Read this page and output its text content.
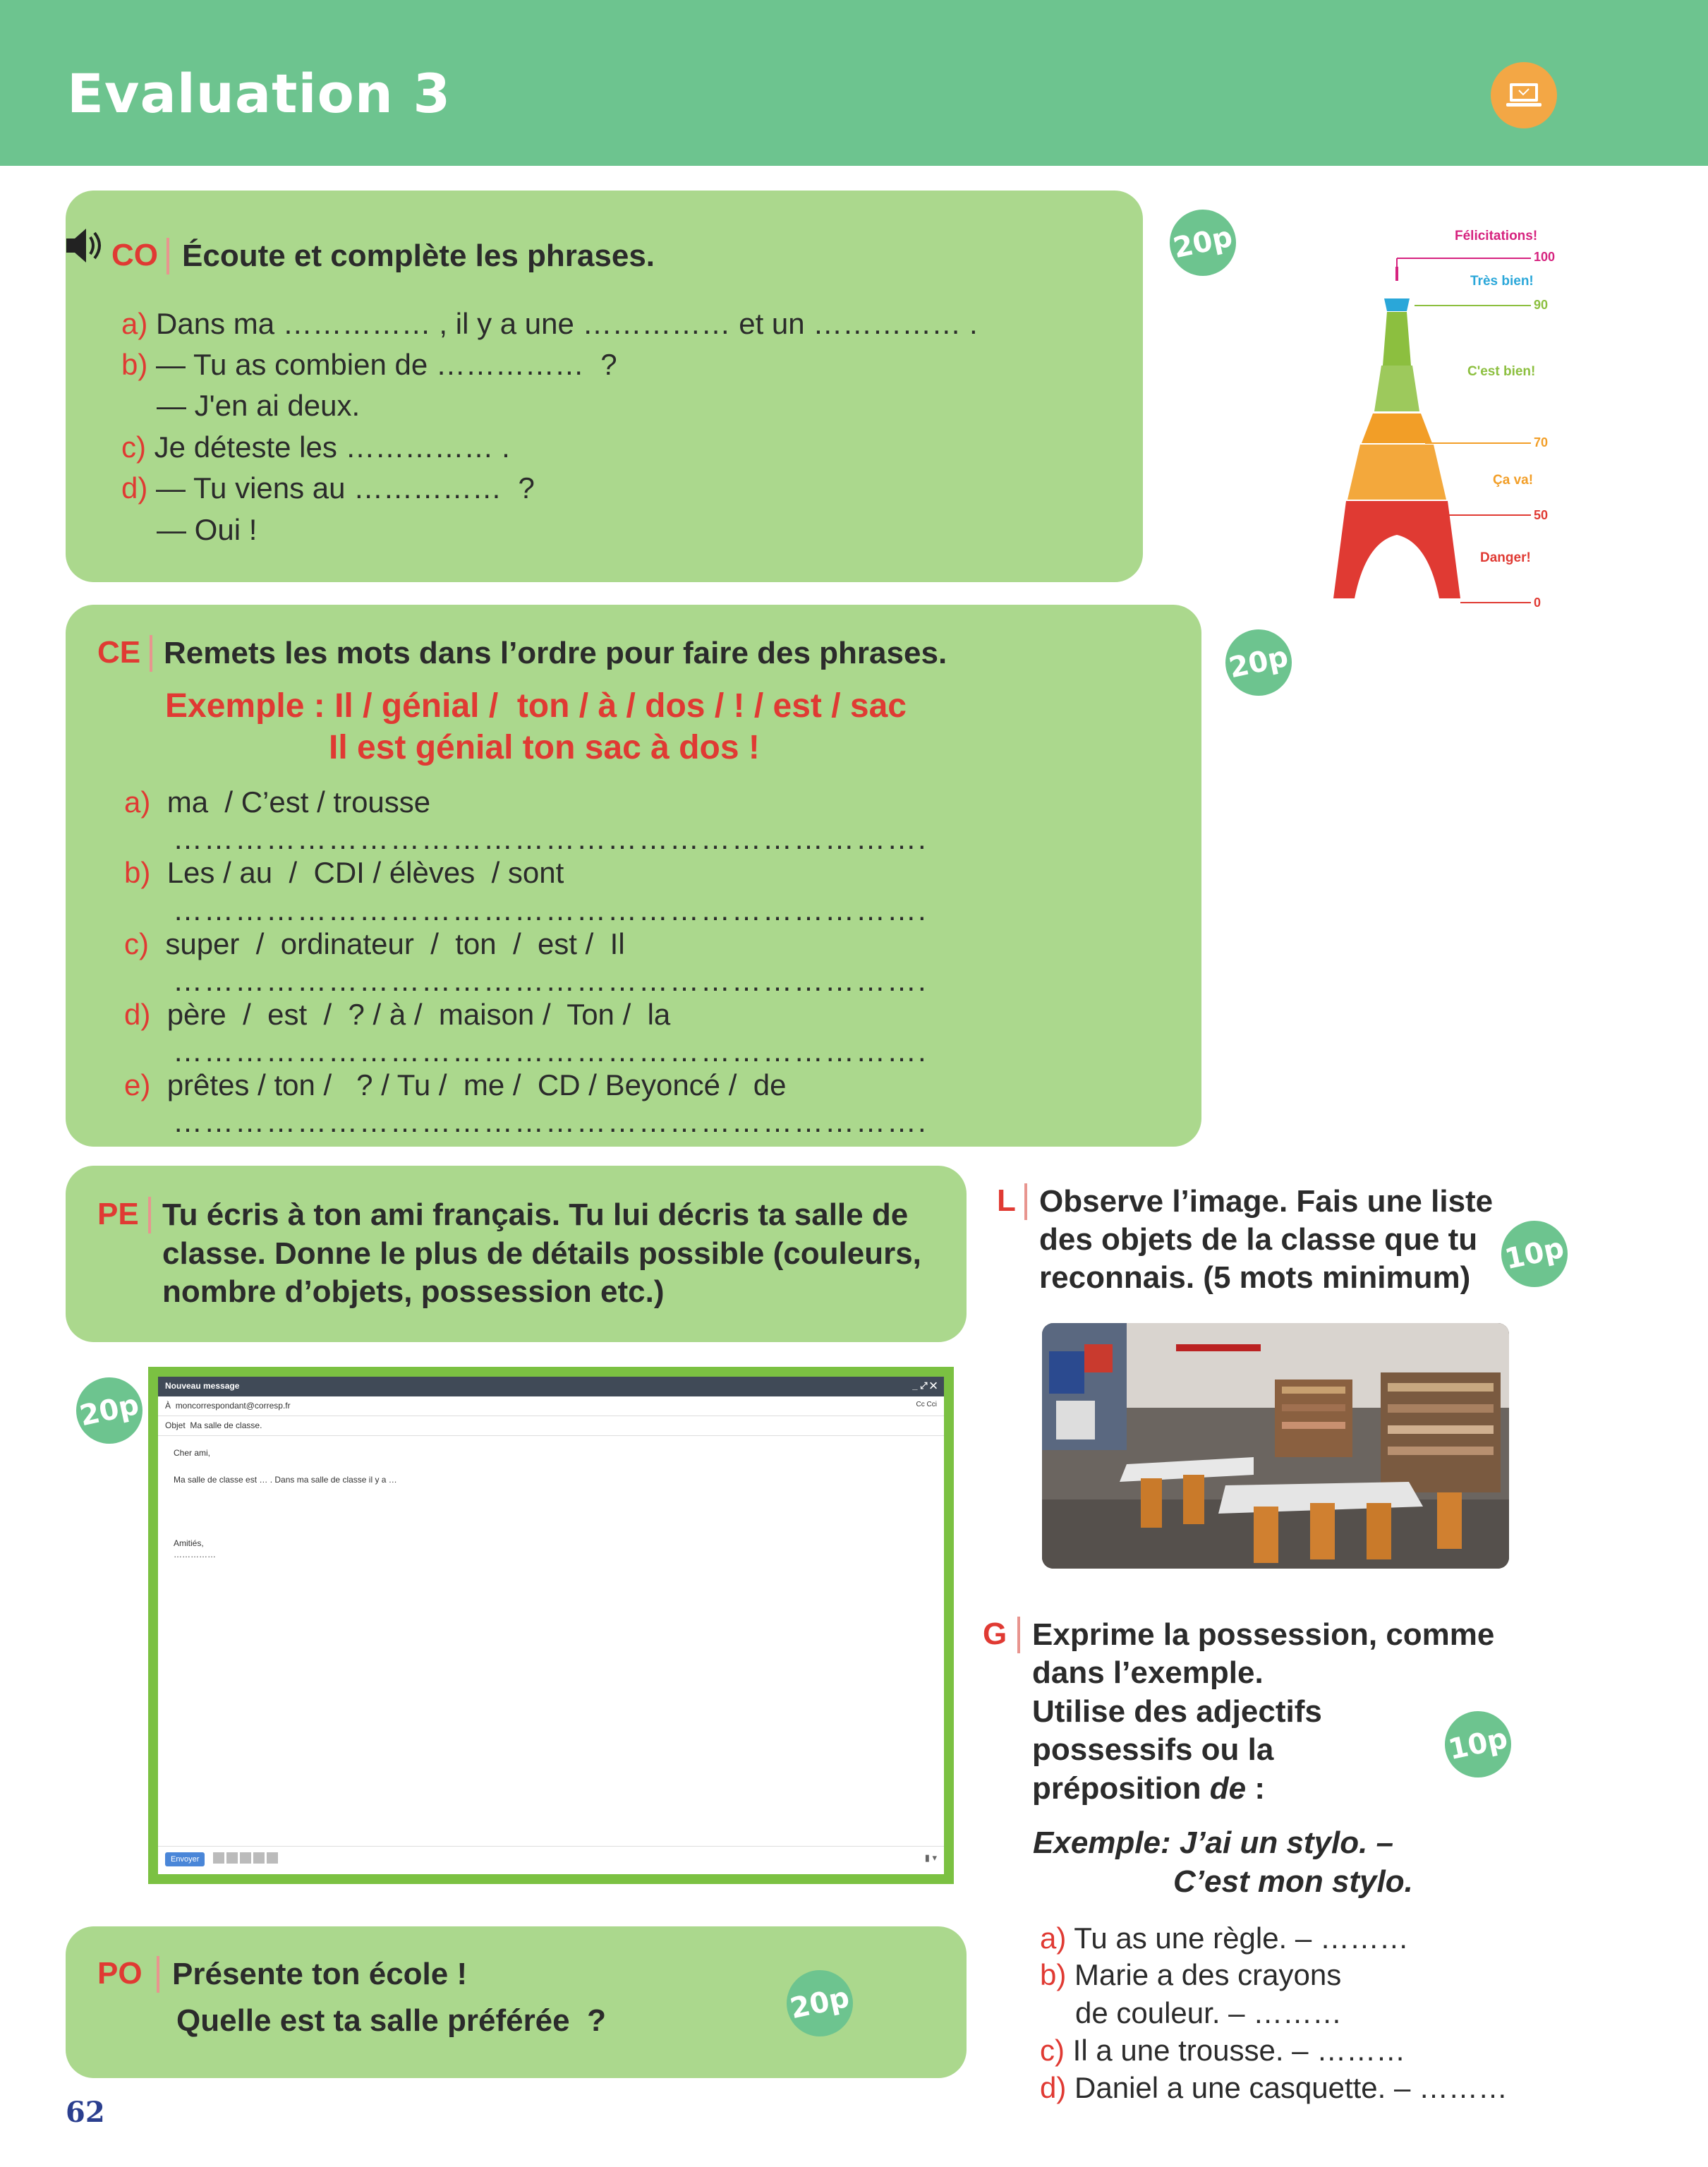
Evaluation 3
CO Écoute et complète les phrases.	20p
a) Dans ma …………… , il y a une …………… et un …………… .
b) — Tu as combien de ……………  ?
— J'en ai deux.
c) Je déteste les …………… .
d) — Tu viens au ……………  ?
— Oui !
Félicitations!
100
Très bien!
90
C'est bien!
70
Ça va!
50
Danger!
0
CE Remets les mots dans l’ordre pour faire des phrases.	20p
Exemple : Il / génial /  ton / à / dos / ! / est / sac
Il est génial ton sac à dos !
a) ma  / C’est / trousse
……………………………………………………………….
b) Les / au  /  CDI / élèves  / sont
……………………………………………………………….
c) super  /  ordinateur  /  ton  /  est /  Il
……………………………………………………………….
d) père  /  est  /  ? / à /  maison /  Ton /  la
……………………………………………………………….
e) prêtes / ton /   ? / Tu /  me /  CD / Beyoncé /  de
……………………………………………………………….
PE Tu écris à ton ami français. Tu lui décris ta salle de
classe. Donne le plus de détails possible (couleurs,
nombre d’objets, possession etc.)
20p
Nouveau message	_ ⤢ ✕
À moncorrespondant@corresp.fr	Cc Cci
Objet Ma salle de classe.
Cher ami,
Ma salle de classe est … . Dans ma salle de classe il y a …
Amitiés,
……………
Envoyer	▮ ▾
L Observe l’image. Fais une liste
des objets de la classe que tu
reconnais. (5 mots minimum)
10p
G Exprime la possession, comme
dans l’exemple.
Utilise des adjectifs
possessifs ou la
préposition de :
10p
Exemple: J’ai un stylo. –
C’est mon stylo.
a) Tu as une règle. – ………
b) Marie a des crayons
de couleur. – ………
c) Il a une trousse. – ………
d) Daniel a une casquette. – ………
PO Présente ton école !
Quelle est ta salle préférée  ?	20p
62
